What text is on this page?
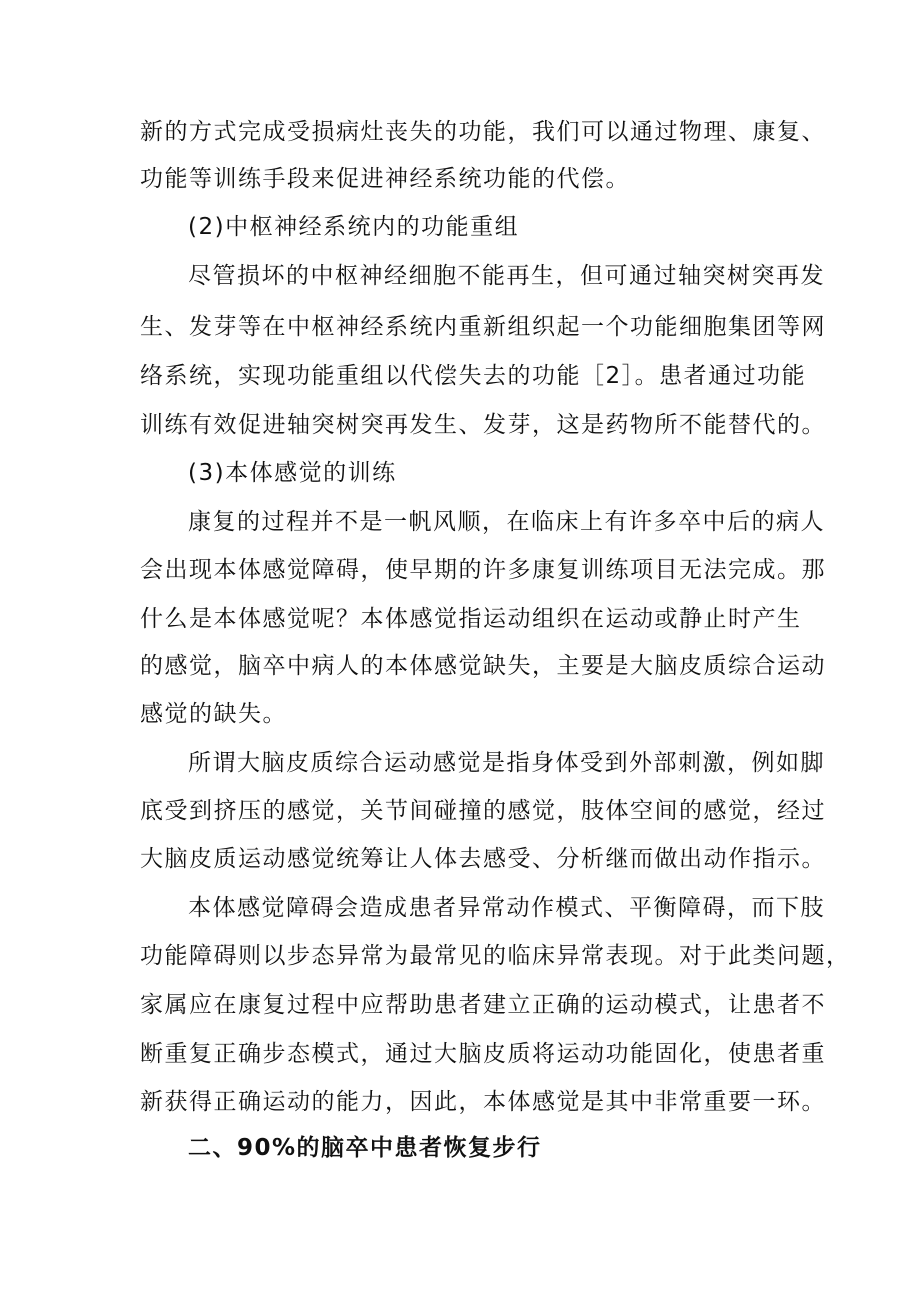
新的方式完成受损病灶丧失的功能，我们可以通过物理、康复、
功能等训练手段来促进神经系统功能的代偿。
(2)中枢神经系统内的功能重组
尽管损坏的中枢神经细胞不能再生，但可通过轴突树突再发
生、发芽等在中枢神经系统内重新组织起一个功能细胞集团等网
络系统，实现功能重组以代偿失去的功能［2］。患者通过功能
训练有效促进轴突树突再发生、发芽，这是药物所不能替代的。
(3)本体感觉的训练
康复的过程并不是一帆风顺，在临床上有许多卒中后的病人
会出现本体感觉障碍，使早期的许多康复训练项目无法完成。那
什么是本体感觉呢？本体感觉指运动组织在运动或静止时产生
的感觉，脑卒中病人的本体感觉缺失，主要是大脑皮质综合运动
感觉的缺失。
所谓大脑皮质综合运动感觉是指身体受到外部刺激，例如脚
底受到挤压的感觉，关节间碰撞的感觉，肢体空间的感觉，经过
大脑皮质运动感觉统筹让人体去感受、分析继而做出动作指示。
本体感觉障碍会造成患者异常动作模式、平衡障碍，而下肢
功能障碍则以步态异常为最常见的临床异常表现。对于此类问题，
家属应在康复过程中应帮助患者建立正确的运动模式，让患者不
断重复正确步态模式，通过大脑皮质将运动功能固化，使患者重
新获得正确运动的能力，因此，本体感觉是其中非常重要一环。
二、90%的脑卒中患者恢复步行
